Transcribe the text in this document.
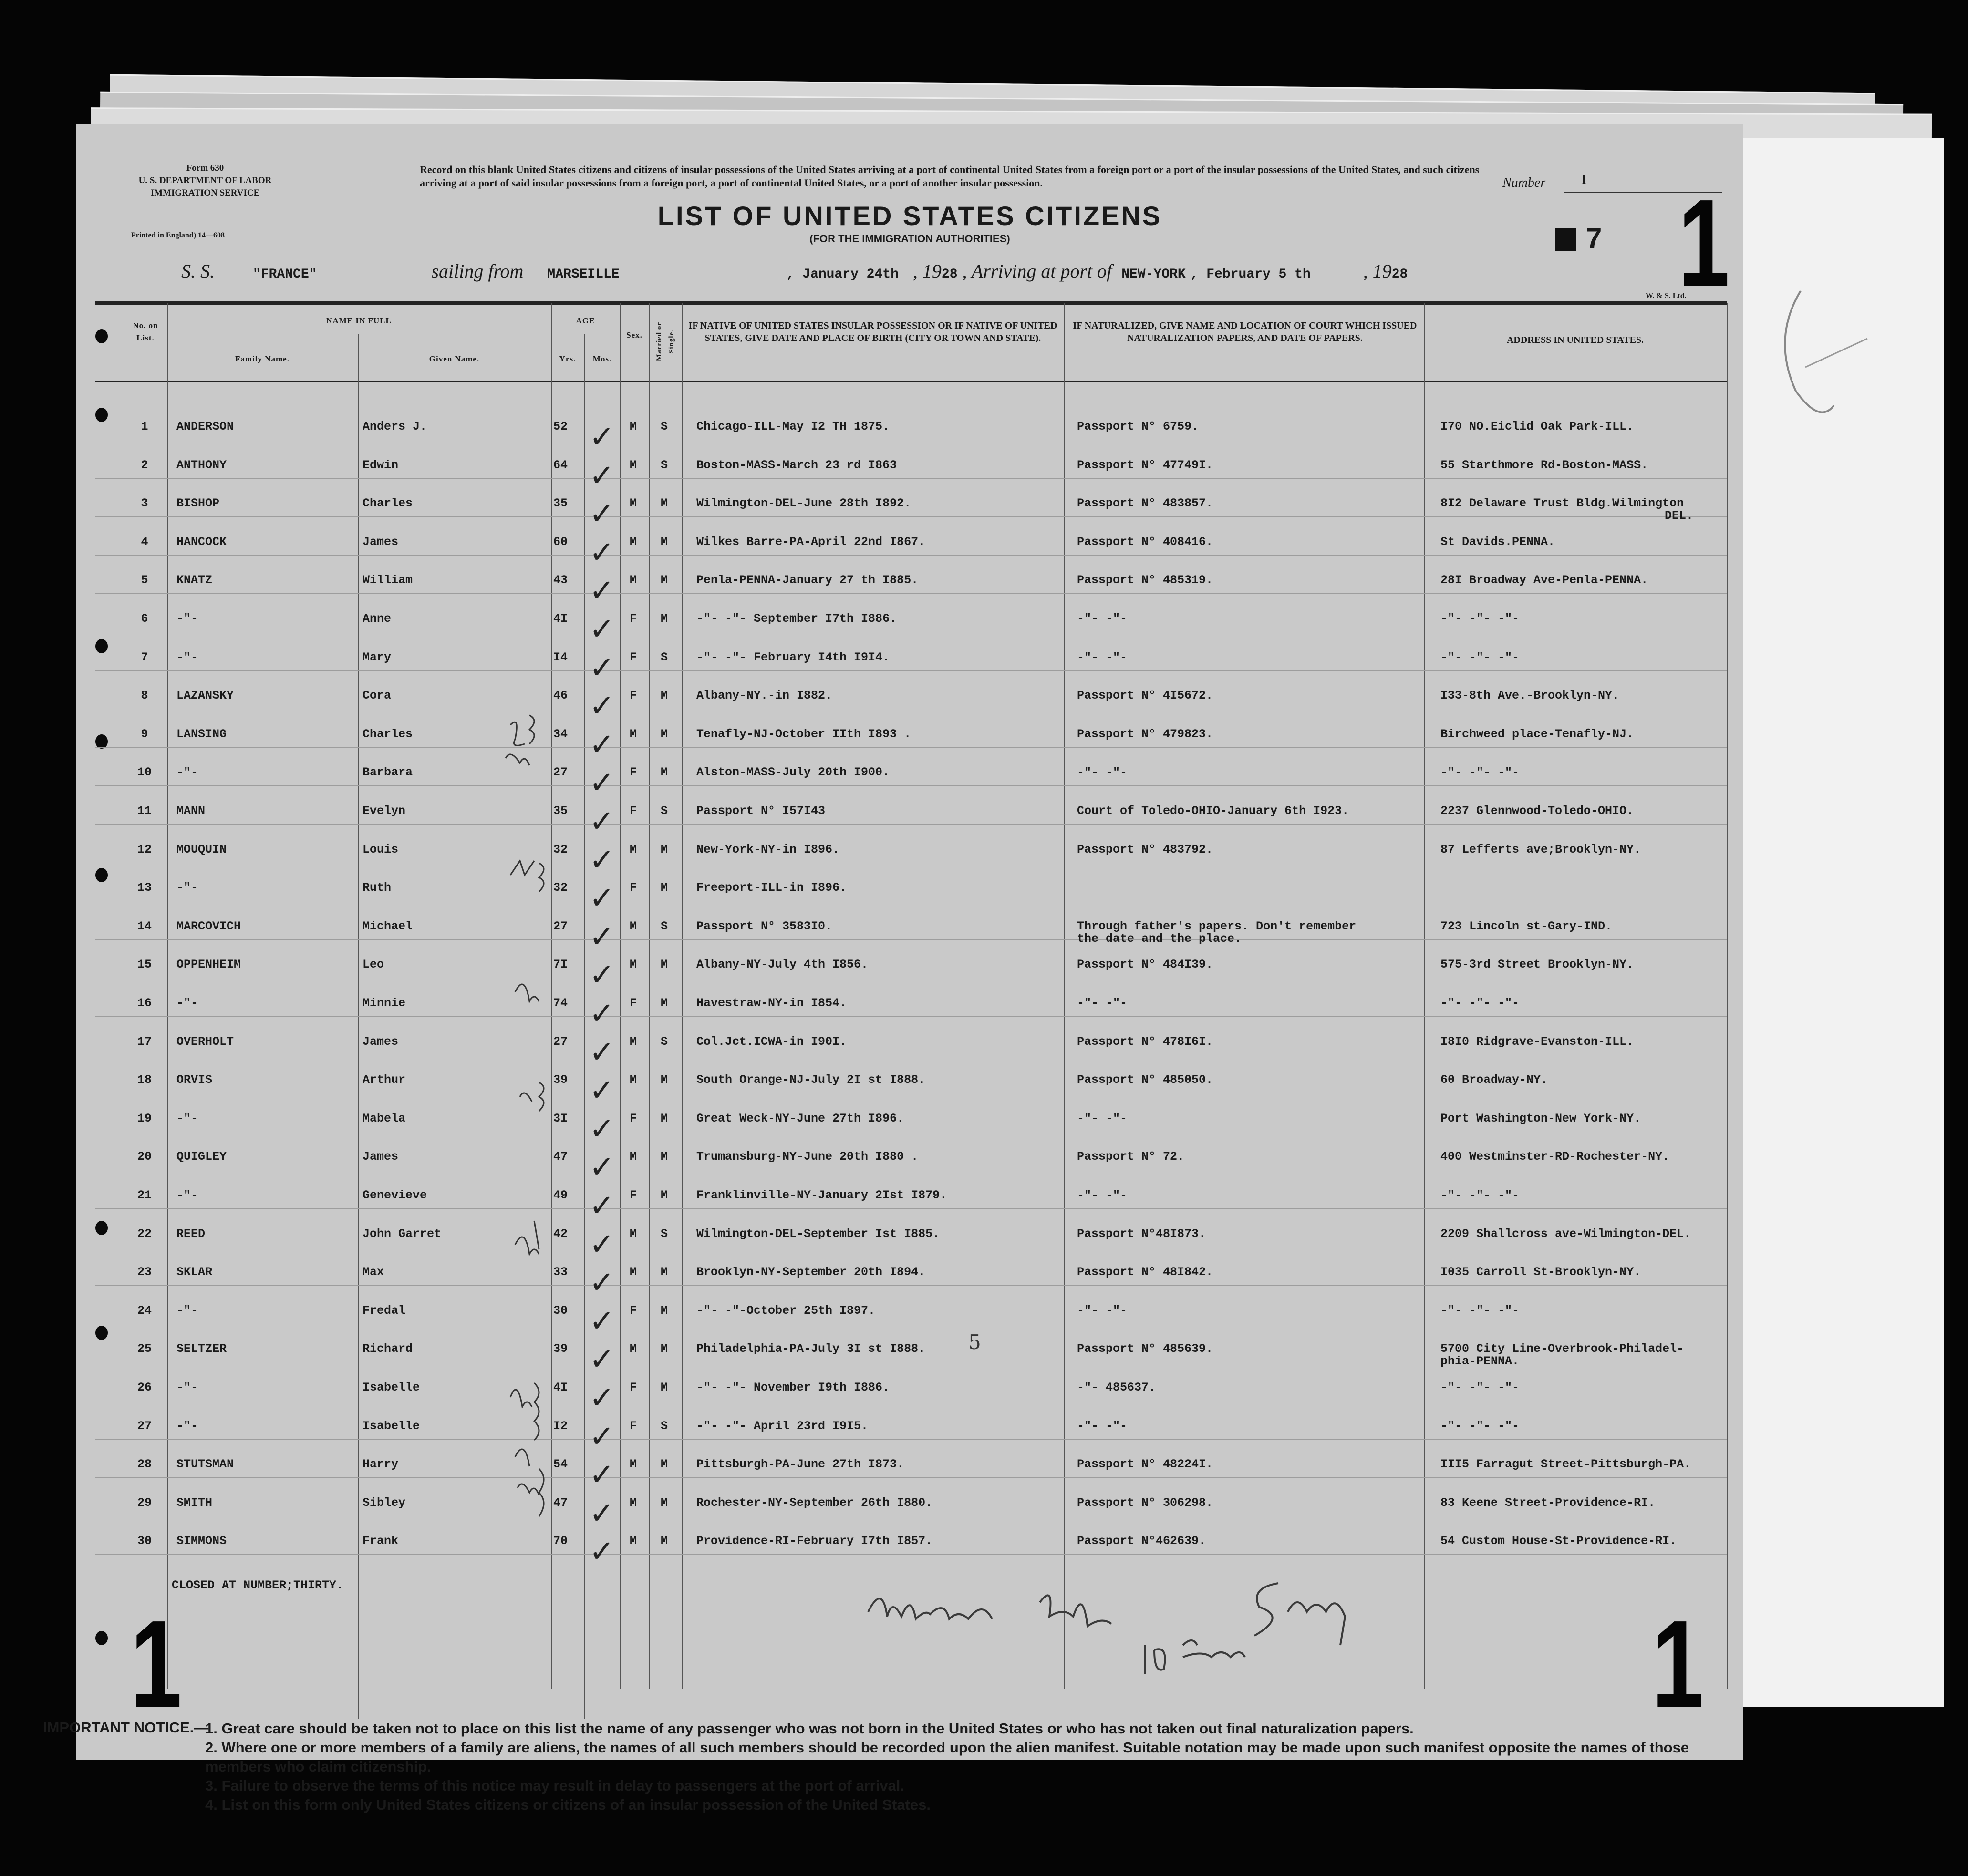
Form 630
U. S. DEPARTMENT OF LABOR
IMMIGRATION SERVICE
Printed in England) 14—608
Record on this blank United States citizens and citizens of insular possessions of the United States arriving at a port of continental United States from a foreign port or a port of the insular possessions of the United States, and such citizens arriving at a port of said insular possessions from a foreign port, a port of continental United States, or a port of another insular possession.	Number I
LIST OF UNITED STATES CITIZENS
(FOR THE IMMIGRATION AUTHORITIES)	7 1
S. S.	"FRANCE"	sailing from MARSEILLE	, January 24th , 1928 , Arriving at port of NEW-YORK , February 5 th	, 1928
W. & S. Ltd.
No. on List.
NAME IN FULL
Family Name.	Given Name.
AGE
Yrs.	Mos.
Sex.	Married or Single.
IF NATIVE OF UNITED STATES INSULAR POSSESSION OR IF NATIVE OF UNITED STATES, GIVE DATE AND PLACE OF BIRTH (CITY OR TOWN AND STATE).
IF NATURALIZED, GIVE NAME AND LOCATION OF COURT WHICH ISSUED NATURALIZATION PAPERS, AND DATE OF PAPERS.	ADDRESS IN UNITED STATES.
1	ANDERSON	Anders J.	52	M S Chicago-ILL-May I2 TH 1875.	Passport N° 6759.	I70 NO.Eiclid Oak Park-ILL.
✓
2	ANTHONY	Edwin	64	M S Boston-MASS-March 23 rd I863	Passport N° 47749I.	55 Starthmore Rd-Boston-MASS.
✓
3	BISHOP	Charles	35	M M Wilmington-DEL-June 28th I892.	Passport N° 483857.	8I2 Delaware Trust Bldg.Wilmington
DEL.
✓
4	HANCOCK	James	60	M M Wilkes Barre-PA-April 22nd I867.	Passport N° 408416.	St Davids.PENNA.
✓
5	KNATZ	William	43	M M Penla-PENNA-January 27 th I885.	Passport N° 485319.	28I Broadway Ave-Penla-PENNA.
✓
6	-"-	Anne	4I	F M -"- -"- September I7th I886.	-"- -"-	-"- -"- -"-
✓
7	-"-	Mary	I4	F S -"- -"- February I4th I9I4.	-"- -"-	-"- -"- -"-
✓
8	LAZANSKY	Cora	46	F M Albany-NY.-in I882.	Passport N° 4I5672.	I33-8th Ave.-Brooklyn-NY.
✓
9	LANSING	Charles	34	M M Tenafly-NJ-October IIth I893 .	Passport N° 479823.	Birchweed place-Tenafly-NJ.
✓
10	-"-	Barbara	27	F M Alston-MASS-July 20th I900.	-"- -"-	-"- -"- -"-
✓
11	MANN	Evelyn	35	F S Passport N° I57I43	Court of Toledo-OHIO-January 6th I923.	2237 Glennwood-Toledo-OHIO.
✓
12	MOUQUIN	Louis	32	M M New-York-NY-in I896.	Passport N° 483792.	87 Lefferts ave;Brooklyn-NY.
✓
13	-"-	Ruth	32	F M Freeport-ILL-in I896.
✓
14	MARCOVICH	Michael	27	M S Passport N° 3583I0.	Through father's papers. Don't remember	723 Lincoln st-Gary-IND.
the date and the place.
✓
15	OPPENHEIM	Leo	7I	M M Albany-NY-July 4th I856.	Passport N° 484I39.	575-3rd Street Brooklyn-NY.
✓
16	-"-	Minnie	74	F M Havestraw-NY-in I854.	-"- -"-	-"- -"- -"-
✓
17	OVERHOLT	James	27	M S Col.Jct.ICWA-in I90I.	Passport N° 478I6I.	I8I0 Ridgrave-Evanston-ILL.
✓
18	ORVIS	Arthur	39	M M South Orange-NJ-July 2I st I888.	Passport N° 485050.	60 Broadway-NY.
✓
19	-"-	Mabela	3I	F M Great Weck-NY-June 27th I896.	-"- -"-	Port Washington-New York-NY.
✓
20	QUIGLEY	James	47	M M Trumansburg-NY-June 20th I880 .	Passport N° 72.	400 Westminster-RD-Rochester-NY.
✓
21	-"-	Genevieve	49	F M Franklinville-NY-January 2Ist I879.	-"- -"-	-"- -"- -"-
✓
22	REED	John Garret	42	M S Wilmington-DEL-September Ist I885.	Passport N°48I873.	2209 Shallcross ave-Wilmington-DEL.
✓
23	SKLAR	Max	33	M M Brooklyn-NY-September 20th I894.	Passport N° 48I842.	I035 Carroll St-Brooklyn-NY.
✓
24	-"-	Fredal	30	F M -"- -"-October 25th I897.	-"- -"-	-"- -"- -"-
✓
25	SELTZER	Richard	39	M M Philadelphia-PA-July 3I st I888.	Passport N° 485639.	5700 City Line-Overbrook-Philadel-
phia-PENNA.
✓
26	-"-	Isabelle	4I	F M -"- -"- November I9th I886.	-"- 485637.	-"- -"- -"-
✓
27	-"-	Isabelle	I2	F S -"- -"- April 23rd I9I5.	-"- -"-	-"- -"- -"-
✓
28	STUTSMAN	Harry	54	M M Pittsburgh-PA-June 27th I873.	Passport N° 48224I.	III5 Farragut Street-Pittsburgh-PA.
✓
29	SMITH	Sibley	47	M M Rochester-NY-September 26th I880.	Passport N° 306298.	83 Keene Street-Providence-RI.
✓
30	SIMMONS	Frank	70	M M Providence-RI-February I7th I857.	Passport N°462639.	54 Custom House-St-Providence-RI.
✓
5
CLOSED AT NUMBER;THIRTY.
1	1
IMPORTANT NOTICE.—
1. Great care should be taken not to place on this list the name of any passenger who was not born in the United States or who has not taken out final naturalization papers.
2. Where one or more members of a family are aliens, the names of all such members should be recorded upon the alien manifest. Suitable notation may be made upon such manifest opposite the names of those members who claim citizenship.
3. Failure to observe the terms of this notice may result in delay to passengers at the port of arrival.
4. List on this form only United States citizens or citizens of an insular possession of the United States.
